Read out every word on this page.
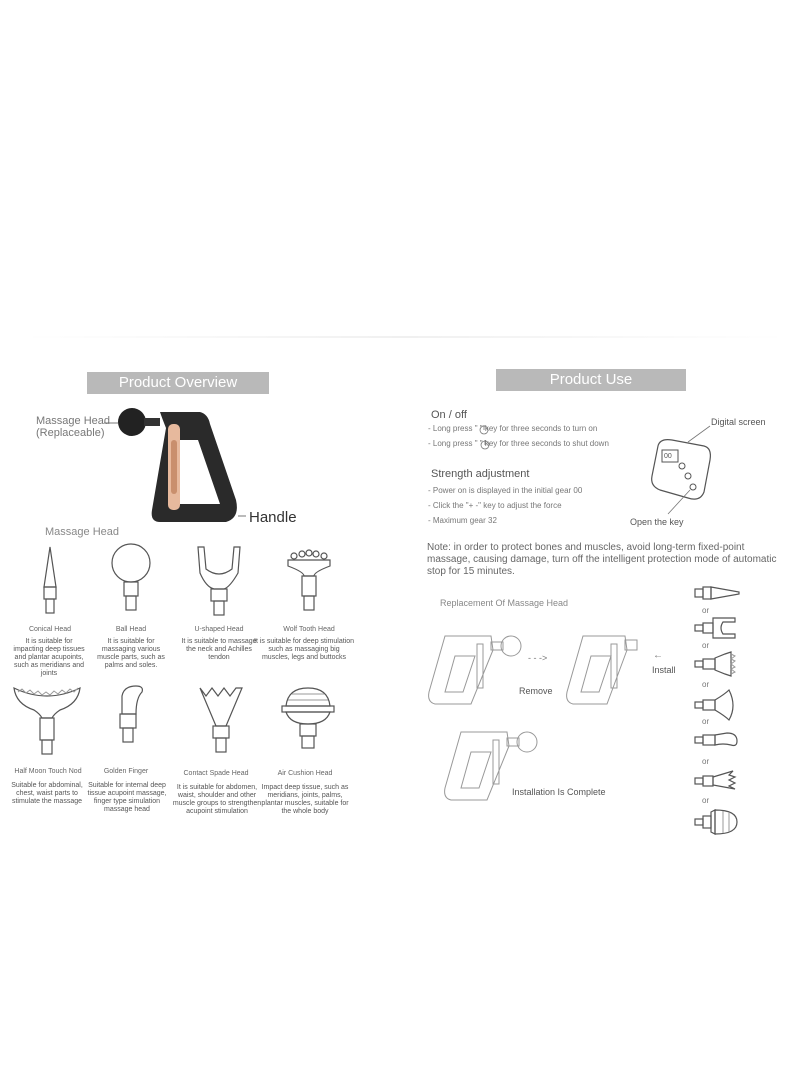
Product Overview
Massage Head
(Replaceable)
Handle
Massage Head
Conical Head	Ball Head	U-shaped Head	Wolf Tooth Head
It is suitable for impacting deep tissues and plantar acupoints, such as meridians and joints
It is suitable for massaging various muscle parts, such as palms and soles.
It is suitable to massage the neck and Achilles tendon
It is suitable for deep stimulation such as massaging big muscles, legs and buttocks
Half Moon Touch Nod	Golden Finger	Contact Spade Head	Air Cushion Head
Suitable for abdominal, chest, waist parts to stimulate the massage
Suitable for internal deep tissue acupoint massage, finger type simulation massage head
It is suitable for abdomen, waist, shoulder and other muscle groups to strengthen acupoint stimulation
Impact deep tissue, such as meridians, joints, palms, plantar muscles, suitable for the whole body
Product Use
On / off
- Long press " " key for three seconds to turn on
- Long press " " key for three seconds to shut down
Strength adjustment
- Power on is displayed in the initial gear 00
- Click the "+ -" key to adjust the force
- Maximum gear 32
Digital screen
Open the key
00
Note: in order to protect bones and muscles, avoid long-term fixed-point massage, causing damage, turn off the intelligent protection mode of automatic stop for 15 minutes.
Replacement Of Massage Head
- - ->
Remove
←
Install
Installation Is Complete
or
or
or
or
or
or
